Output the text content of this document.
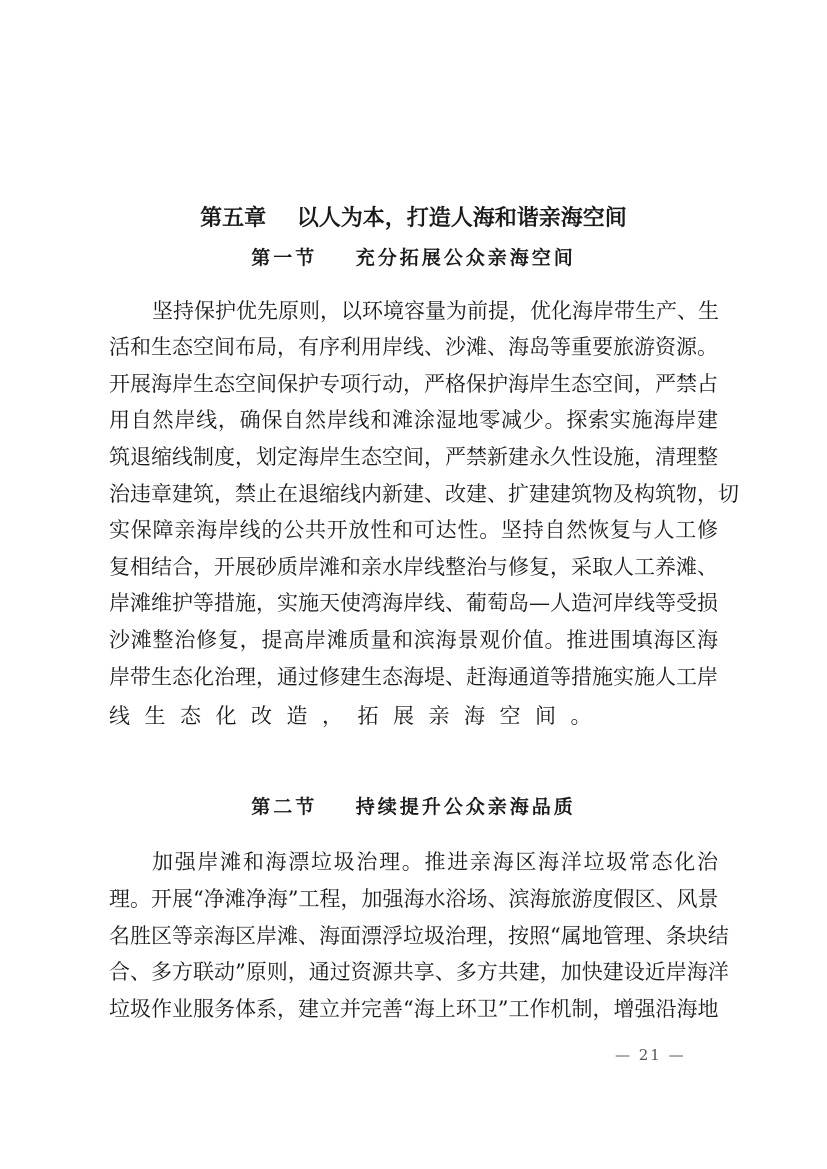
第五章    以人为本，打造人海和谐亲海空间
第一节    充分拓展公众亲海空间
坚持保护优先原则，以环境容量为前提，优化海岸带生产、生
活和生态空间布局，有序利用岸线、沙滩、海岛等重要旅游资源。
开展海岸生态空间保护专项行动，严格保护海岸生态空间，严禁占
用自然岸线，确保自然岸线和滩涂湿地零减少。探索实施海岸建
筑退缩线制度，划定海岸生态空间，严禁新建永久性设施，清理整
治违章建筑，禁止在退缩线内新建、改建、扩建建筑物及构筑物，切
实保障亲海岸线的公共开放性和可达性。坚持自然恢复与人工修
复相结合，开展砂质岸滩和亲水岸线整治与修复，采取人工养滩、
岸滩维护等措施，实施天使湾海岸线、葡萄岛—人造河岸线等受损
沙滩整治修复，提高岸滩质量和滨海景观价值。推进围填海区海
岸带生态化治理，通过修建生态海堤、赶海通道等措施实施人工岸
线生态化改造，拓展亲海空间。
第二节    持续提升公众亲海品质
加强岸滩和海漂垃圾治理。推进亲海区海洋垃圾常态化治
理。开展“净滩净海”工程，加强海水浴场、滨海旅游度假区、风景
名胜区等亲海区岸滩、海面漂浮垃圾治理，按照“属地管理、条块结
合、多方联动”原则，通过资源共享、多方共建，加快建设近岸海洋
垃圾作业服务体系，建立并完善“海上环卫”工作机制，增强沿海地
— 21 —
